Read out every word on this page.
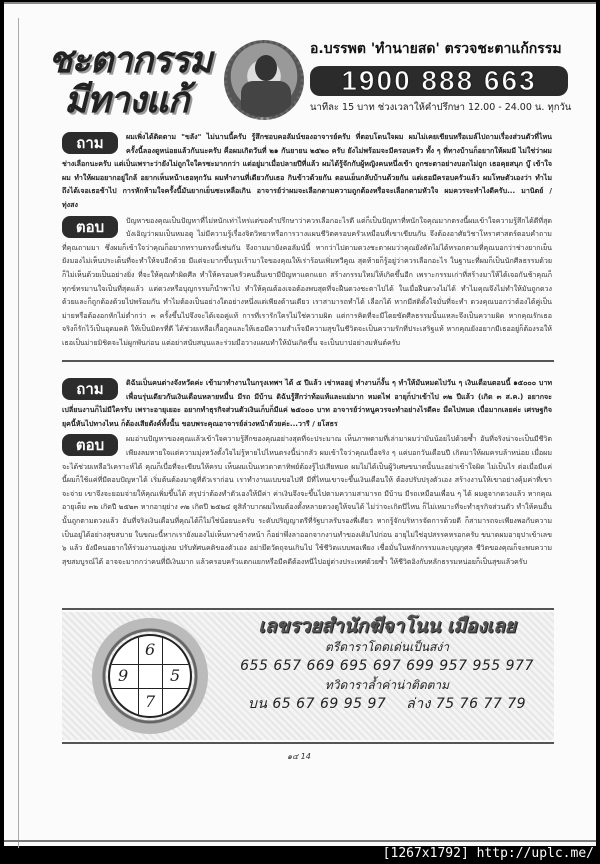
ชะตากรรม
มีทางแก้
อ.บรรพต 'ทำนายสด' ตรวจชะตาแก้กรรม
1900 888 663
นาทีละ 15 บาท ช่วงเวลาให้คำปรึกษา 12.00 - 24.00 น. ทุกวัน
ถาม	ผมเพิ่งได้ติดตาม "ขลัง" ไม่นานนี้ครับ รู้สึกชอบคอลัมน์ของอาจารย์ครับ ที่ตอบโดนใจผม ผมไม่เคยเขียนหรือเมล์ไปถามเรื่องส่วนตัวที่ไหน ครั้งนี้ลองดูหน่อยแล้วกันนะครับ คือผมเกิดวันที่ ๒๑ กันยายน ๒๕๒๐ ครับ ยังไม่พร้อมจะมีครอบครัว ทั้ง ๆ ที่ทางบ้านก็อยากให้ผมมี ไม่ใช่ว่าผมช่างเลือกนะครับ แต่เป็นเพราะว่ายังไม่ถูกใจใครซะมากกว่า แต่อยู่มาเมื่อปลายปีที่แล้ว ผมได้รู้จักกับผู้หญิงคนหนึ่งเข้า ถูกชะตาอย่างบอกไม่ถูก เธอคุยสนุก บู๊ เข้าใจผม ทำให้ผมอยากอยู่ใกล้ อยากเห็นหน้าเธอทุกวัน ผมทำงานที่เดียวกับเธอ กินข้าวด้วยกัน ตอนเย็นกลับบ้านด้วยกัน แต่เธอมีครอบครัวแล้ว ผมโทษตัวเองว่า ทำไมถึงได้เจอเธอช้าไป การหักห้ามใจครั้งนี้มันยากเย็นซะเหลือเกิน อาจารย์ว่าผมจะเลือกตามความถูกต้องหรือจะเลือกตามหัวใจ ผมควรจะทำไงดีครับ... มานิตย์ / ทุ่งสง
ตอบ	ปัญหาของคุณเป็นปัญหาที่ไม่หนักเท่าไหร่แต่ขอคำปรึกษาว่าควรเลือกอะไรดี แต่ก็เป็นปัญหาที่หนักใจคุณมากตรงนี้ผมเข้าใจความรู้สึกได้ดีที่สุด บังเอิญว่าผมเป็นหมอดู ไม่มีความรู้เรื่องจิตวิทยาหรือการวางแผนชีวิตครอบครัวเหมือนที่เขาเขียนกัน จึงต้องอาศัยวิชาโหราศาสตร์ตอบคำถามที่คุณถามมา ซึ่งผมก็เข้าใจว่าคุณก็อยากทราบตรงนี้เช่นกัน จึงถามมายังคอลัมน์นี้ หากว่าไปตามดวงชะตาผมว่าคุณยังตัดไม่ได้หรอกตามที่คุณบอกว่าช่างยากเย็น ยังมองไม่เห็นประเด็นที่จะทำให้จบอีกด้วย มีแต่จะมากขึ้นรุมเร้ามาใจของคุณให้เร่าร้อนเพิ่มทวีคูณ สุดท้ายก็รู้อยู่ว่าควรเลือกอะไร ในฐานะที่ผมก็เป็นนักศีลธรรมด้วยก็ไม่เห็นด้วยเป็นอย่างยิ่ง ที่จะให้คุณทำผิดศีล ทำให้ครอบครัวคนอื่นเขามีปัญหาแตกแยก สร้างกรรมใหม่ให้เกิดขึ้นอีก เพราะกรรมเก่าที่สร้างมาให้ได้เจอกันช้าคุณก็ทุกข์ทรมานใจเป็นที่สุดแล้ว แต่ดวงหรือบุญกรรมก็นำพาไป ทำให้คุณต้องเจอต้องพบสุดที่จะฝืนดวงชะตาไปได้ ในเมื่อฝืนดวงไม่ได้ ทำไมคุณจึงไม่ทำให้มันถูกดวงด้วยและก็ถูกต้องด้วยไปพร้อมกัน ทำไมต้องเป็นอย่างใดอย่างหนึ่งแต่เพียงด้านเดียว เราสามารถทำได้ เลือกได้ หากมีสติตั้งใจมั่นที่จะทำ ดวงคุณบอกว่าต้องได้คู่เป็นม่ายหรือต้องอกหักไม่ต่ำกว่า ๓ ครั้งขึ้นไปจึงจะได้เจอคู่แท้ การที่เรารักใครไม่ใช่ความผิด แต่การคิดที่จะมีโดยขัดศีลธรรมนั้นแหละจึงเป็นความผิด หากคุณรักเธอจริงก็รักไว้เป็นอุดมคติ ให้เป็นมิตรที่ดี ได้ช่วยเหลือเกื้อกูลและให้เธอมีความสำเร็จมีความสุขในชีวิตจะเป็นความรักที่ประเสริฐแท้ หากคุณยังอยากมีเธออยู่ก็ต้องรอให้เธอเป็นม่ายมิชิดจะไม่ผูกพันก่อน แต่อย่าสนับสนุนและร่วมมือวางแผนทำให้มันเกิดขึ้น จะเป็นบาปอย่างมหันต์ครับ
ถาม	ดิฉันเป็นคนต่างจังหวัดค่ะ เข้ามาทำงานในกรุงเทพฯ ได้ ๕ ปีแล้ว เช่าหออยู่ ทำงานก็งั้น ๆ ทำให้มันหมดไปวัน ๆ เงินเดือนตอนนี้ ๑๕๐๐๐ บาท เพื่อนรุ่นเดียวกันเงินเดือนหลายหมื่น มีรถ มีบ้าน ดิฉันรู้สึกว่าท้อแท้และแย่มาก หมดไฟ อายุก็ปาเข้าไป ๓๒ ปีแล้ว (เกิด ๓ ส.ค.) อยากจะเปลี่ยนงานก็ไม่มีใครรับ เพราะอายุเยอะ อยากทำธุรกิจส่วนตัวเงินเก็บก็มีแค่ ๒๕๐๐๐ บาท อาจารย์ว่าหนูควรจะทำอย่างไรดีคะ มืดไปหมด เบื่อมากเลยค่ะ เศรษฐกิจยุคนี้หันไปทางไหน ก็ต้องเสียตังค์ทั้งนั้น ขอบพระคุณอาจารย์ล่วงหน้าด้วยค่ะ...วารี / ยโสธร
ตอบ	ผมอ่านปัญหาของคุณแล้วเข้าใจความรู้สึกของคุณอย่างสุดที่จะประมาณ เห็นภาพตามที่เล่ามาผมว่ามันน้อยไปด้วยซ้ำ อันที่จริงน่าจะเป็นมีชีวิตเพียงลมหายใจแต่ความมุ่งหวังตั้งใจไม่รู้หายไปไหนตรงนี้น่ากลัว ผมเข้าใจว่าคุณเบื่อจริง ๆ แค่บอกวันเดือนปี เกิดมาให้ผมครบล้าหน่อย เมื่อผมจะได้ช่วยเหลือวิเคราะห์ได้ คุณก็เบื่อที่จะเขียนให้ครบ เห็นผมเป็นเทวดาตาทิพย์ต้องรู้ไปเสียหมด ผมไม่ได้เป็นผู้วิเศษขนาดนั้นนะอย่าเข้าใจผิด ไม่เป็นไร ต่อเมื่อมีแค่นี้ผมก็ใช้แค่ที่มีตอบปัญหาได้ เริ่มต้นต้องมาดูที่ตัวเราก่อน เราทำงานแบบขอไปที มีที่ไหนเขาจะขึ้นเงินเดือนให้ ต้องปรับปรุงตัวเอง สร้างงานให้เขาอย่างคุ้มค่าที่เขาจะจ่าย เขาจึงจะยอมจ่ายให้คุณเพิ่มขึ้นได้ สรุปว่าต้องทำตัวเองให้มีค่า ค่าเงินจึงจะขึ้นไปตามความสามารถ มีบ้าน มีรถเหมือนเพื่อน ๆ ได้ ผมดูจากดวงแล้ว หากคุณอายุเต็ม ๓๒ เกิดปี ๒๕๒๓ หากอายุย่าง ๓๒ เกิดปี ๒๕๒๔ ดูสิลำบากผมไหมต้องตั้งหลายดวงดูให้จนได้ ไม่ว่าจะเกิดปีไหน ก็ไม่เหมาะที่จะทำธุรกิจส่วนตัว ทำให้คนอื่นนั้นถูกตามดวงแล้ว อันที่จริงเงินเดือนที่คุณได้ก็ไม่ใช่น้อยนะครับ ระดับปริญญาตรีที่รัฐบาลรับรองพี่เดียว หากรู้จักบริหารจัดการด้วยดี ก็สามารถจะเพียงพอกับความเป็นอยู่ได้อย่างสุขสบาย ในขณะนี้หากเรายังมองไม่เห็นทางข้างหน้า ก็อย่าพึ่งลาออกจากงานทำของเดิมไปก่อน อายุไม่ใช่อุปสรรคหรอกครับ ขนาดผมอายุปาเข้าเลข ๖ แล้ว ยังมีคนอยากให้ร่วมงานอยู่เลย ปรับทัศนคติของตัวเอง อย่ายึดวัตถุจนเกินไป ใช้ชีวิตแบบพอเพียง เชื่อมั่นในหลักกรรมและบุญกุศล ชีวิตของคุณก็จะพบความสุขสมบูรณ์ได้ อาจจะมากกว่าคนที่มีเงินมาก แล้วครอบครัวแตกแยกหรือมีคดีต้องหนีไปอยู่ต่างประเทศด้วยซ้ำ ให้ชีวิตอิงกับหลักธรรมหน่อยก็เป็นสุขแล้วครับ
6
9	5
7
เลขรวยสำนักฆีจาโนน เมืองเลย
ตรีดาราโดดเด่นเป็นสง่า
655 657 669 695 697 699 957 955 977
ทวิดาราล้ำค่าน่าติดตาม
บน 65 67 69 95 97 ล่าง 75 76 77 79
๑๔ 14
[1267x1792] http://uplc.me/
